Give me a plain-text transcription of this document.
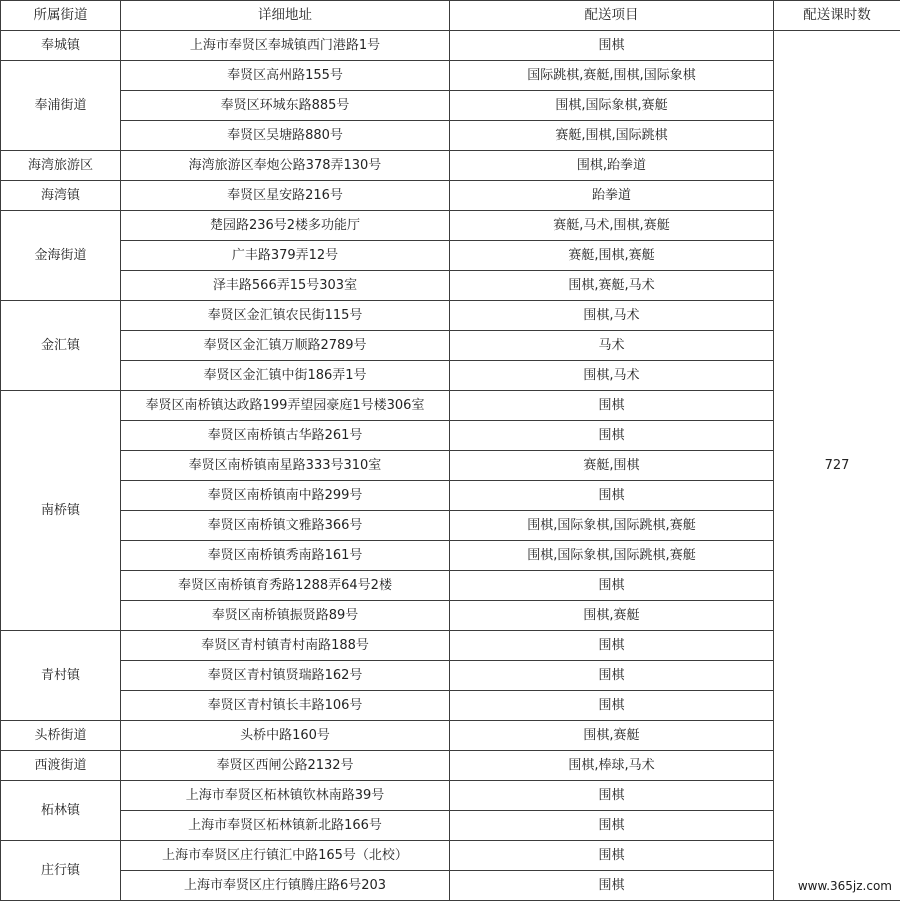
所属街道	详细地址	配送项目	配送课时数
奉城镇	上海市奉贤区奉城镇西门港路1号	围棋	727
奉浦街道	奉贤区高州路155号	国际跳棋,赛艇,围棋,国际象棋	
	奉贤区环城东路885号	围棋,国际象棋,赛艇	
	奉贤区吴塘路880号	赛艇,围棋,国际跳棋	
海湾旅游区	海湾旅游区奉炮公路378弄130号	围棋,跆拳道	
海湾镇	奉贤区星安路216号	跆拳道	
金海街道	楚园路236号2楼多功能厅	赛艇,马术,围棋,赛艇	
	广丰路379弄12号	赛艇,围棋,赛艇	
	泽丰路566弄15号303室	围棋,赛艇,马术	
金汇镇	奉贤区金汇镇农民街115号	围棋,马术	
	奉贤区金汇镇万顺路2789号	马术	
	奉贤区金汇镇中街186弄1号	围棋,马术	
南桥镇	奉贤区南桥镇达政路199弄望园豪庭1号楼306室	围棋	
	奉贤区南桥镇古华路261号	围棋	
	奉贤区南桥镇南星路333号310室	赛艇,围棋	
	奉贤区南桥镇南中路299号	围棋	
	奉贤区南桥镇文雅路366号	围棋,国际象棋,国际跳棋,赛艇	
	奉贤区南桥镇秀南路161号	围棋,国际象棋,国际跳棋,赛艇	
	奉贤区南桥镇育秀路1288弄64号2楼	围棋	
	奉贤区南桥镇振贤路89号	围棋,赛艇	
青村镇	奉贤区青村镇青村南路188号	围棋	
	奉贤区青村镇贤瑞路162号	围棋	
	奉贤区青村镇长丰路106号	围棋	
头桥街道	头桥中路160号	围棋,赛艇	
西渡街道	奉贤区西闸公路2132号	围棋,棒球,马术	
柘林镇	上海市奉贤区柘林镇钦林南路39号	围棋	
	上海市奉贤区柘林镇新北路166号	围棋	
庄行镇	上海市奉贤区庄行镇汇中路165号（北校）	围棋	
	上海市奉贤区庄行镇腾庄路6号203	围棋		www.365jz.com
